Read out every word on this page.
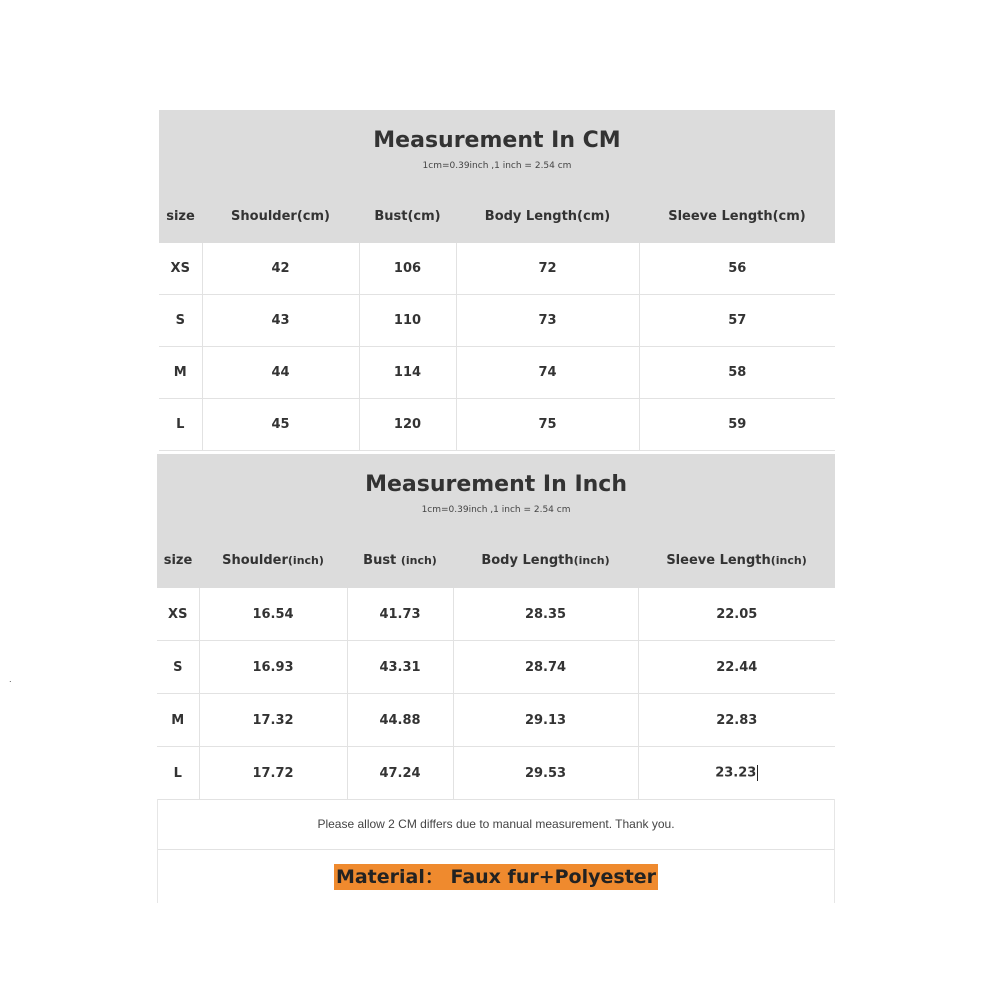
.
Measurement In CM
1cm=0.39inch ,1 inch = 2.54 cm				

size	Shoulder(cm)	Bust(cm)	Body Length(cm)	Sleeve Length(cm)
XS	42	106	72	56
S	43	110	73	57
M	44	114	74	58
L	45	120	75	59
Measurement In Inch
1cm=0.39inch ,1 inch = 2.54 cm				

size	Shoulder(inch)	Bust (inch)	Body Length(inch)	Sleeve Length(inch)
XS	16.54	41.73	28.35	22.05
S	16.93	43.31	28.74	22.44
M	17.32	44.88	29.13	22.83
L	17.72	47.24	29.53	23.23
Please allow 2 CM differs due to manual measurement. Thank you.
Material： Faux fur+Polyester
